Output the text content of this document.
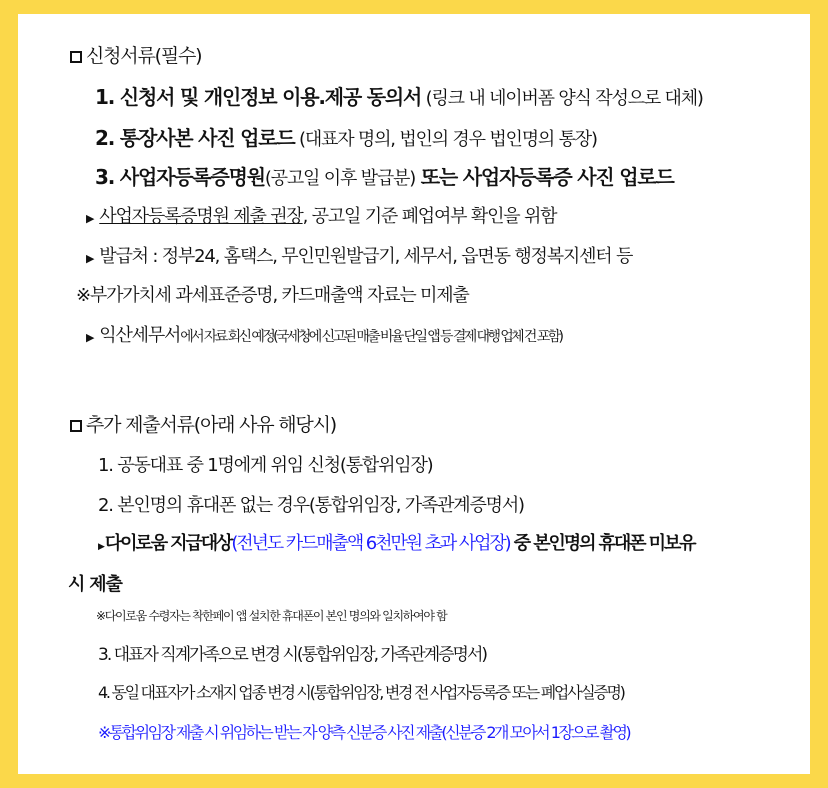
신청서류(필수)
1. 신청서 및 개인정보 이용.제공 동의서 (링크 내 네이버폼 양식 작성으로 대체)
2. 통장사본 사진 업로드 (대표자 명의, 법인의 경우 법인명의 통장)
3. 사업자등록증명원(공고일 이후 발급분) 또는 사업자등록증 사진 업로드
▶ 사업자등록증명원 제출 권장, 공고일 기준 폐업여부 확인을 위함
▶ 발급처 : 정부24, 홈택스, 무인민원발급기, 세무서, 읍면동 행정복지센터 등
※부가가치세 과세표준증명, 카드매출액 자료는 미제출
▶ 익산세무서에서 자료 회신 예정(국세청에 신고된 매출 비율 단일 앱 등 결제 대행 업체 건 포함)
추가 제출서류(아래 사유 해당시)
1. 공동대표 중 1명에게 위임 신청(통합위임장)
2. 본인명의 휴대폰 없는 경우(통합위임장, 가족관계증명서)
▶ 다이로움 지급대상(전년도 카드매출액 6천만원 초과 사업장) 중 본인명의 휴대폰 미보유
시 제출
※다이로움 수령자는 착한페이 앱 설치한 휴대폰이 본인 명의와 일치하여야 함
3. 대표자 직계가족으로 변경 시(통합위임장, 가족관계증명서)
4. 동일 대표자가 소재지 업종 변경 시(통합위임장, 변경 전 사업자등록증 또는 폐업사실증명)
※통합위임장 제출 시 위임하는 받는 자 양측 신분증 사진 제출(신분증 2개 모아서 1장으로 촬영)
